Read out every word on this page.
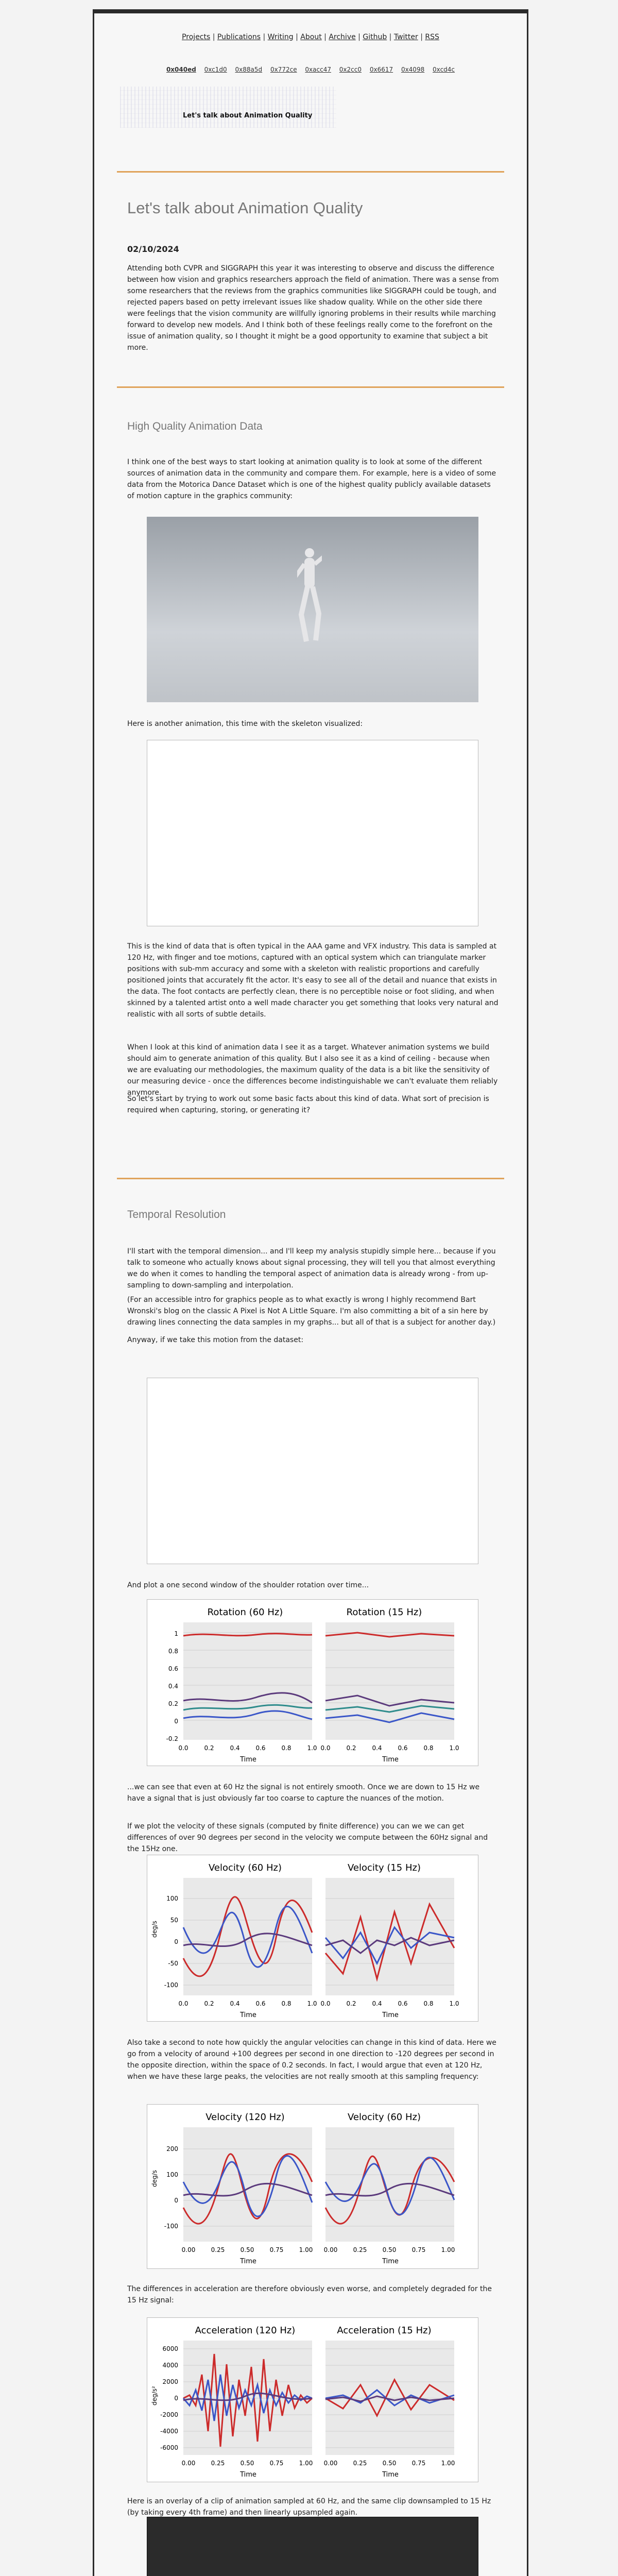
Projects | Publications | Writing | About | Archive | Github | Twitter | RSS
0x040ed 0xc1d0 0x88a5d 0x772ce 0xacc47 0x2cc0 0x6617 0x4098 0xcd4c
Let's talk about Animation Quality
Let's talk about Animation Quality
02/10/2024
Attending both CVPR and SIGGRAPH this year it was interesting to observe and discuss the difference between how vision and graphics researchers approach the field of animation. There was a sense from some researchers that the reviews from the graphics communities like SIGGRAPH could be tough, and rejected papers based on petty irrelevant issues like shadow quality. While on the other side there were feelings that the vision community are willfully ignoring problems in their results while marching forward to develop new models. And I think both of these feelings really come to the forefront on the issue of animation quality, so I thought it might be a good opportunity to examine that subject a bit more.
High Quality Animation Data
I think one of the best ways to start looking at animation quality is to look at some of the different sources of animation data in the community and compare them. For example, here is a video of some data from the Motorica Dance Dataset which is one of the highest quality publicly available datasets of motion capture in the graphics community:
Here is another animation, this time with the skeleton visualized:
This is the kind of data that is often typical in the AAA game and VFX industry. This data is sampled at 120 Hz, with finger and toe motions, captured with an optical system which can triangulate marker positions with sub-mm accuracy and some with a skeleton with realistic proportions and carefully positioned joints that accurately fit the actor. It's easy to see all of the detail and nuance that exists in the data. The foot contacts are perfectly clean, there is no perceptible noise or foot sliding, and when skinned by a talented artist onto a well made character you get something that looks very natural and realistic with all sorts of subtle details.
When I look at this kind of animation data I see it as a target. Whatever animation systems we build should aim to generate animation of this quality. But I also see it as a kind of ceiling - because when we are evaluating our methodologies, the maximum quality of the data is a bit like the sensitivity of our measuring device - once the differences become indistinguishable we can't evaluate them reliably anymore.
So let's start by trying to work out some basic facts about this kind of data. What sort of precision is required when capturing, storing, or generating it?
Temporal Resolution
I'll start with the temporal dimension... and I'll keep my analysis stupidly simple here... because if you talk to someone who actually knows about signal processing, they will tell you that almost everything we do when it comes to handling the temporal aspect of animation data is already wrong - from up-sampling to down-sampling and interpolation.
(For an accessible intro for graphics people as to what exactly is wrong I highly recommend Bart Wronski's blog on the classic A Pixel is Not A Little Square. I'm also committing a bit of a sin here by drawing lines connecting the data samples in my graphs... but all of that is a subject for another day.)
Anyway, if we take this motion from the dataset:
And plot a one second window of the shoulder rotation over time...
Rotation (60 Hz)	Rotation (15 Hz)
1
0.8
0.6
0.4
0.2
0
-0.2
0.0	0.2	0.4	0.6	0.8	1.0 0.0	0.2	0.4	0.6	0.8	1.0
Time	Time
...we can see that even at 60 Hz the signal is not entirely smooth. Once we are down to 15 Hz we have a signal that is just obviously far too coarse to capture the nuances of the motion.
If we plot the velocity of these signals (computed by finite difference) you can we we can get differences of over 90 degrees per second in the velocity we compute between the 60Hz signal and the 15Hz one.
Velocity (60 Hz)	Velocity (15 Hz)
100
50
0
-50
-100
deg/s
0.0	0.2	0.4	0.6	0.8	1.0 0.0	0.2	0.4	0.6	0.8	1.0
Time	Time
Also take a second to note how quickly the angular velocities can change in this kind of data. Here we go from a velocity of around +100 degrees per second in one direction to -120 degrees per second in the opposite direction, within the space of 0.2 seconds. In fact, I would argue that even at 120 Hz, when we have these large peaks, the velocities are not really smooth at this sampling frequency:
Velocity (120 Hz)	Velocity (60 Hz)
200
100
0
-100
deg/s
0.00	0.25	0.50	0.75	1.00 0.00	0.25	0.50	0.75	1.00
Time	Time
The differences in acceleration are therefore obviously even worse, and completely degraded for the 15 Hz signal:
Acceleration (120 Hz)	Acceleration (15 Hz)
6000
4000
2000
0
-2000
-4000
-6000
deg/s²
0.00	0.25	0.50	0.75	1.00 0.00	0.25	0.50	0.75	1.00
Time	Time
Here is an overlay of a clip of animation sampled at 60 Hz, and the same clip downsampled to 15 Hz (by taking every 4th frame) and then linearly upsampled again.
